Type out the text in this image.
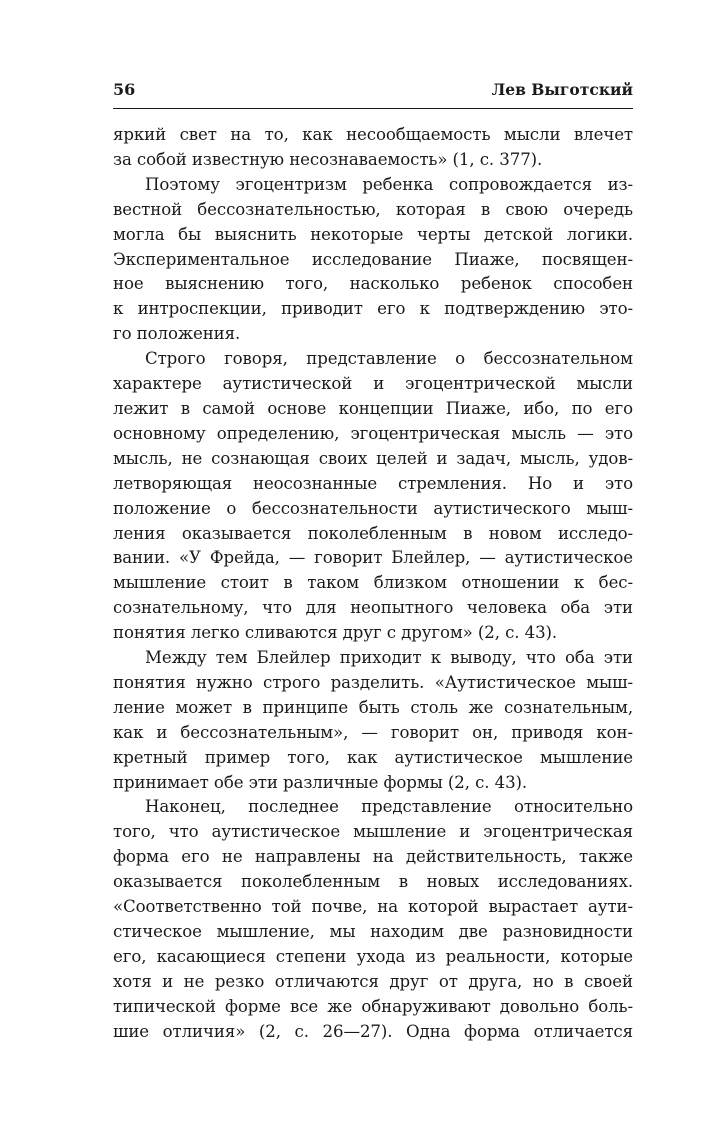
56	Лев Выготский

яркий свет на то, как несообщаемость мысли влечет

за собой известную несознаваемость» (1, с. 377).

Поэтому эгоцентризм ребенка сопровождается из-

вестной бессознательностью, которая в свою очередь

могла бы выяснить некоторые черты детской логики.

Экспериментальное исследование Пиаже, посвящен-

ное выяснению того, насколько ребенок способен

к интроспекции, приводит его к подтверждению это-

го положения.

Строго говоря, представление о бессознательном

характере аутистической и эгоцентрической мысли

лежит в самой основе концепции Пиаже, ибо, по его

основному определению, эгоцентрическая мысль — это

мысль, не сознающая своих целей и задач, мысль, удов-

летворяющая неосознанные стремления. Но и это

положение о бессознательности аутистического мыш-

ления оказывается поколебленным в новом исследо-

вании. «У Фрейда, — говорит Блейлер, — аутистическое

мышление стоит в таком близком отношении к бес-

сознательному, что для неопытного человека оба эти

понятия легко сливаются друг с другом» (2, с. 43).

Между тем Блейлер приходит к выводу, что оба эти

понятия нужно строго разделить. «Аутистическое мыш-

ление может в принципе быть столь же сознательным,

как и бессознательным», — говорит он, приводя кон-

кретный пример того, как аутистическое мышление

принимает обе эти различные формы (2, с. 43).

Наконец, последнее представление относительно

того, что аутистическое мышление и эгоцентрическая

форма его не направлены на действительность, также

оказывается поколебленным в новых исследованиях.

«Соответственно той почве, на которой вырастает аути-

стическое мышление, мы находим две разновидности

его, касающиеся степени ухода из реальности, которые

хотя и не резко отличаются друг от друга, но в своей

типической форме все же обнаруживают довольно боль-

шие отличия» (2, с. 26—27). Одна форма отличается
